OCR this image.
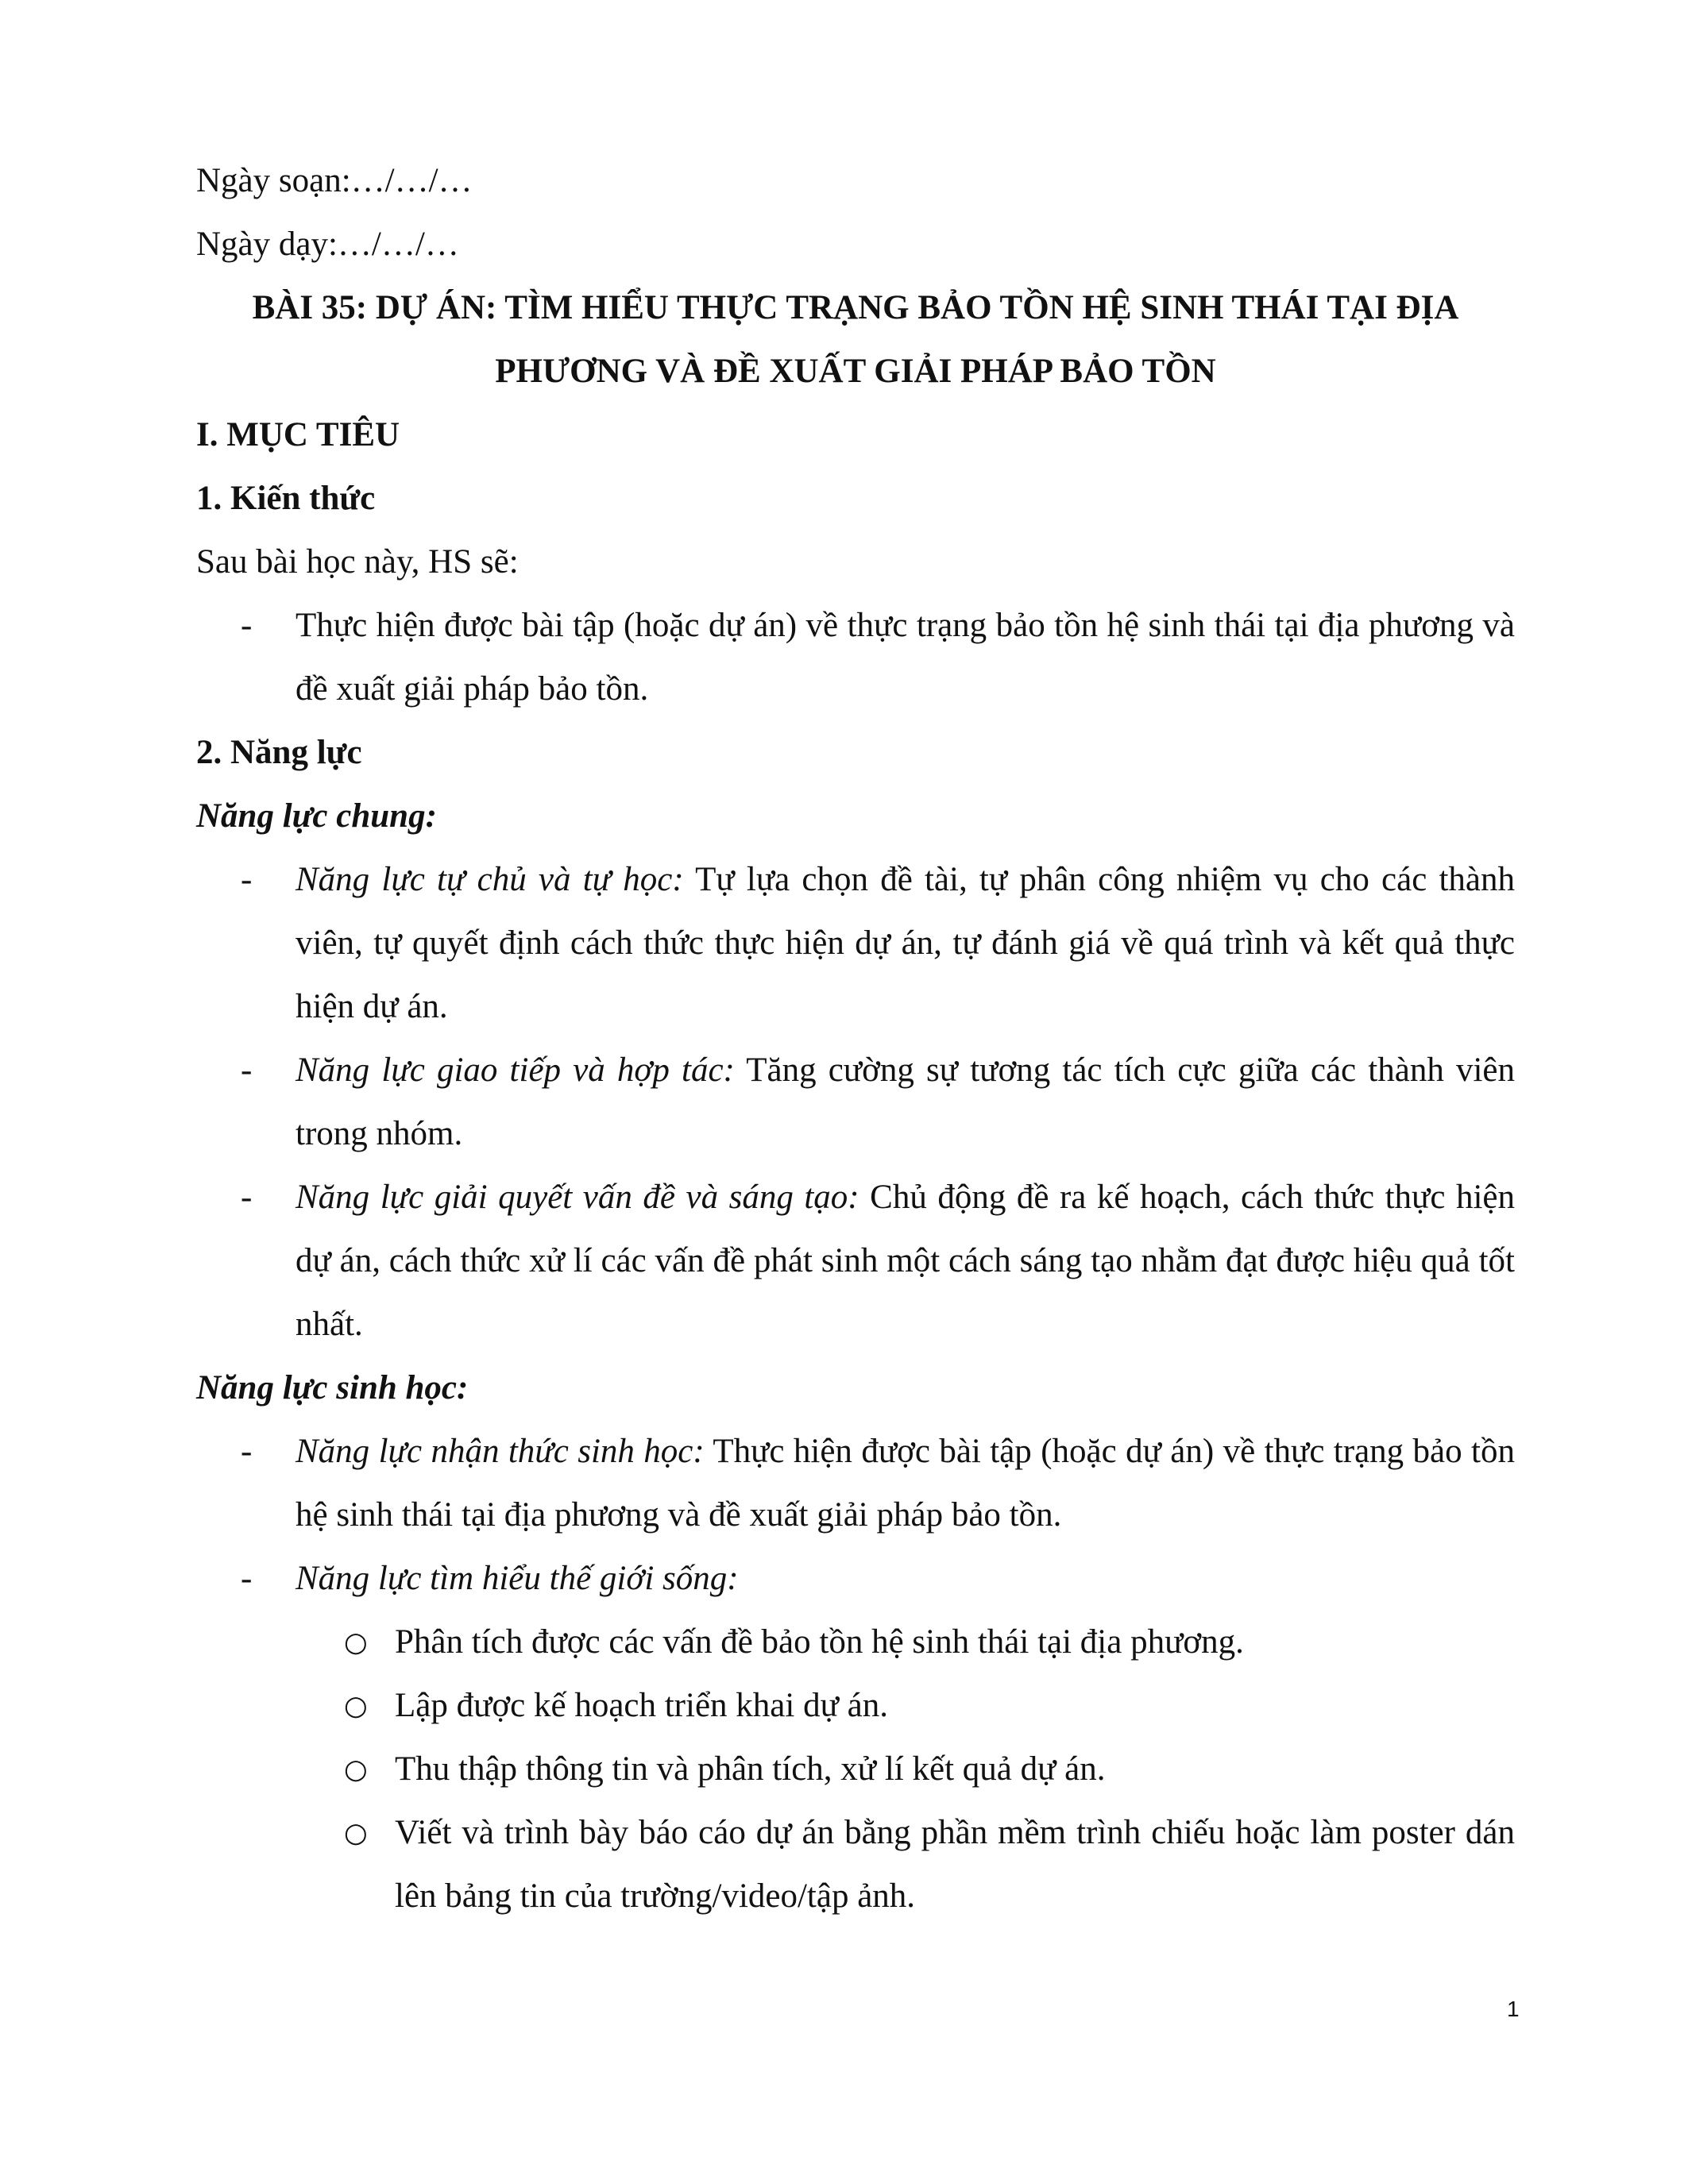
Ngày soạn:…/…/…
Ngày dạy:…/…/…
BÀI 35: DỰ ÁN: TÌM HIỂU THỰC TRẠNG BẢO TỒN HỆ SINH THÁI TẠI ĐỊA
PHƯƠNG VÀ ĐỀ XUẤT GIẢI PHÁP BẢO TỒN
I. MỤC TIÊU
1. Kiến thức
Sau bài học này, HS sẽ:
- Thực hiện được bài tập (hoặc dự án) về thực trạng bảo tồn hệ sinh thái tại địa phương và đề xuất giải pháp bảo tồn.
2. Năng lực
Năng lực chung:
- Năng lực tự chủ và tự học: Tự lựa chọn đề tài, tự phân công nhiệm vụ cho các thành viên, tự quyết định cách thức thực hiện dự án, tự đánh giá về quá trình và kết quả thực hiện dự án.
- Năng lực giao tiếp và hợp tác: Tăng cường sự tương tác tích cực giữa các thành viên trong nhóm.
- Năng lực giải quyết vấn đề và sáng tạo: Chủ động đề ra kế hoạch, cách thức thực hiện dự án, cách thức xử lí các vấn đề phát sinh một cách sáng tạo nhằm đạt được hiệu quả tốt nhất.
Năng lực sinh học:
- Năng lực nhận thức sinh học: Thực hiện được bài tập (hoặc dự án) về thực trạng bảo tồn hệ sinh thái tại địa phương và đề xuất giải pháp bảo tồn.
- Năng lực tìm hiểu thế giới sống:
○ Phân tích được các vấn đề bảo tồn hệ sinh thái tại địa phương.
○ Lập được kế hoạch triển khai dự án.
○ Thu thập thông tin và phân tích, xử lí kết quả dự án.
○ Viết và trình bày báo cáo dự án bằng phần mềm trình chiếu hoặc làm poster dán lên bảng tin của trường/video/tập ảnh.
1
